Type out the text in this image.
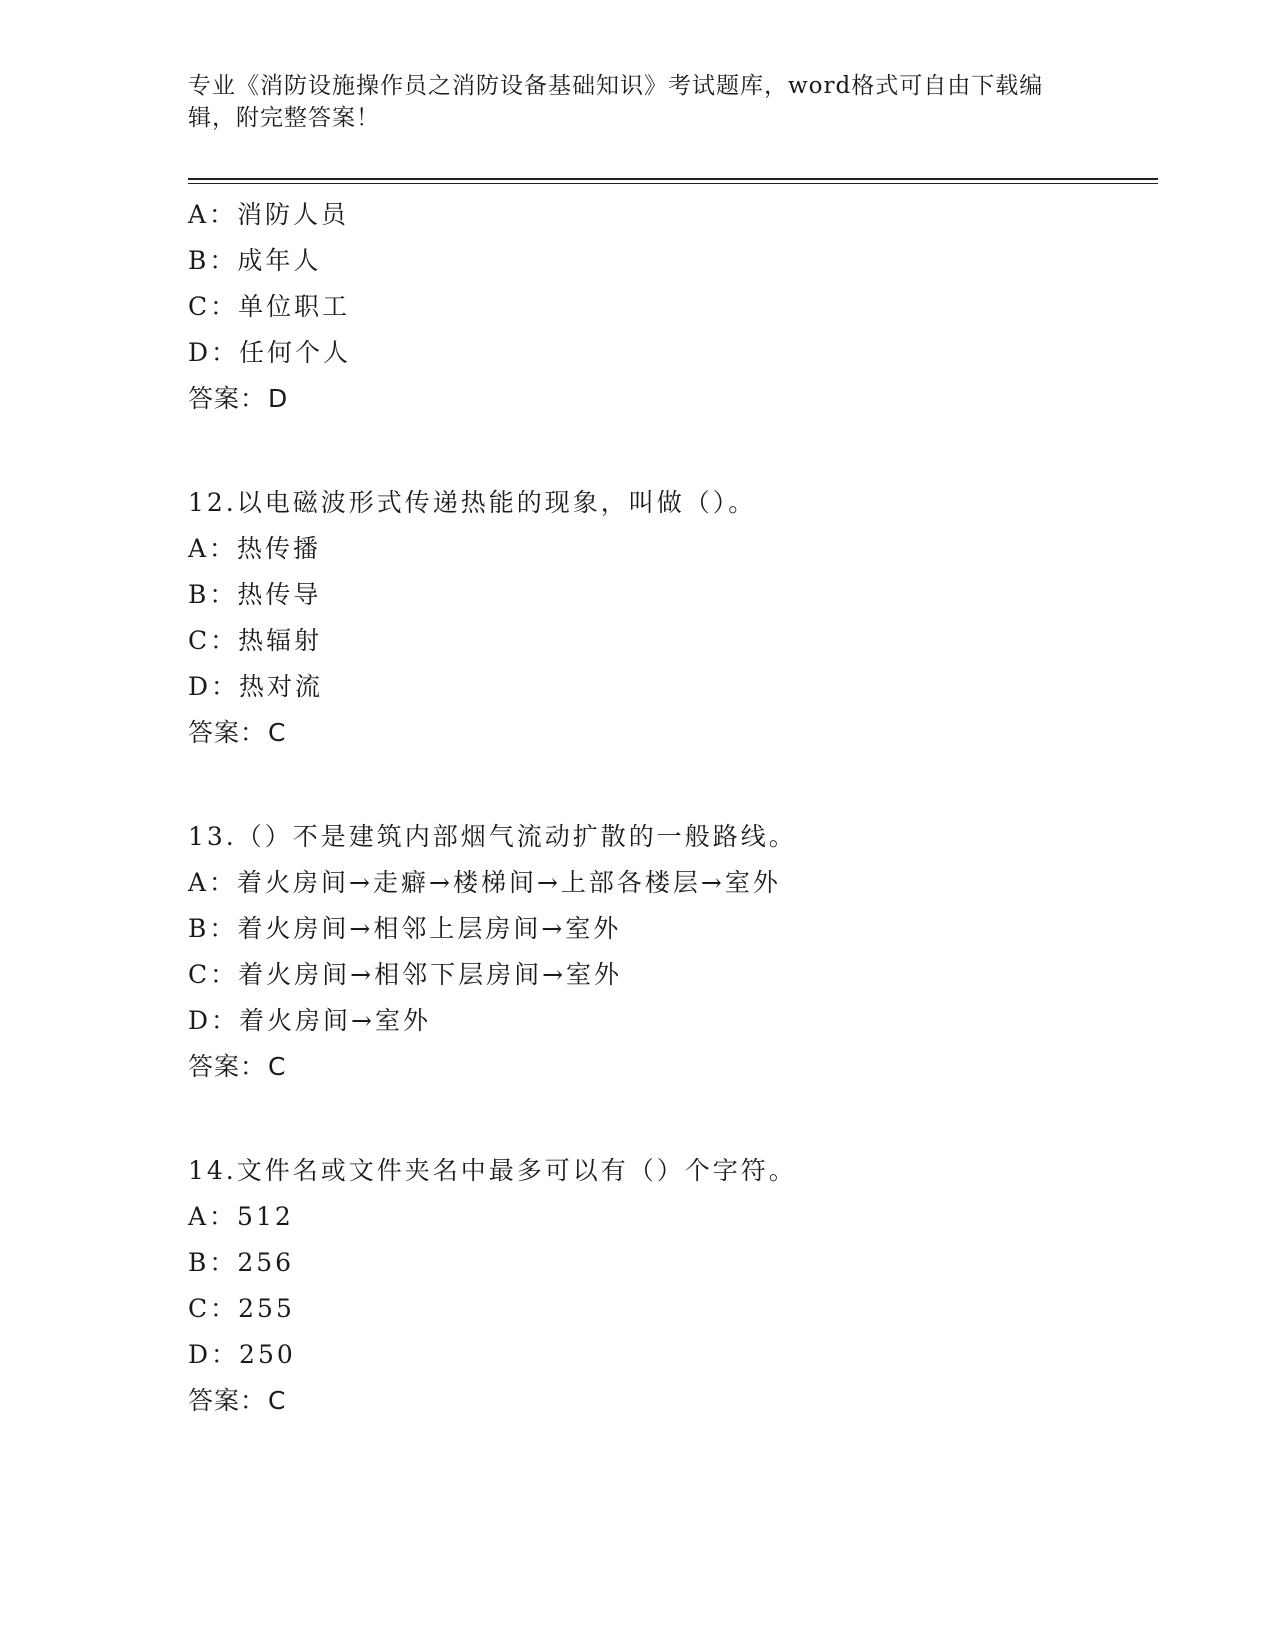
专业《消防设施操作员之消防设备基础知识》考试题库，word格式可自由下载编
辑，附完整答案！
A：消防人员
B：成年人
C：单位职工
D：任何个人
答案：D
12.以电磁波形式传递热能的现象，叫做（）。
A：热传播
B：热传导
C：热辐射
D：热对流
答案：C
13.（）不是建筑内部烟气流动扩散的一般路线。
A：着火房间→走癖→楼梯间→上部各楼层→室外
B：着火房间→相邻上层房间→室外
C：着火房间→相邻下层房间→室外
D：着火房间→室外
答案：C
14.文件名或文件夹名中最多可以有（）个字符。
A：512
B：256
C：255
D：250
答案：C
